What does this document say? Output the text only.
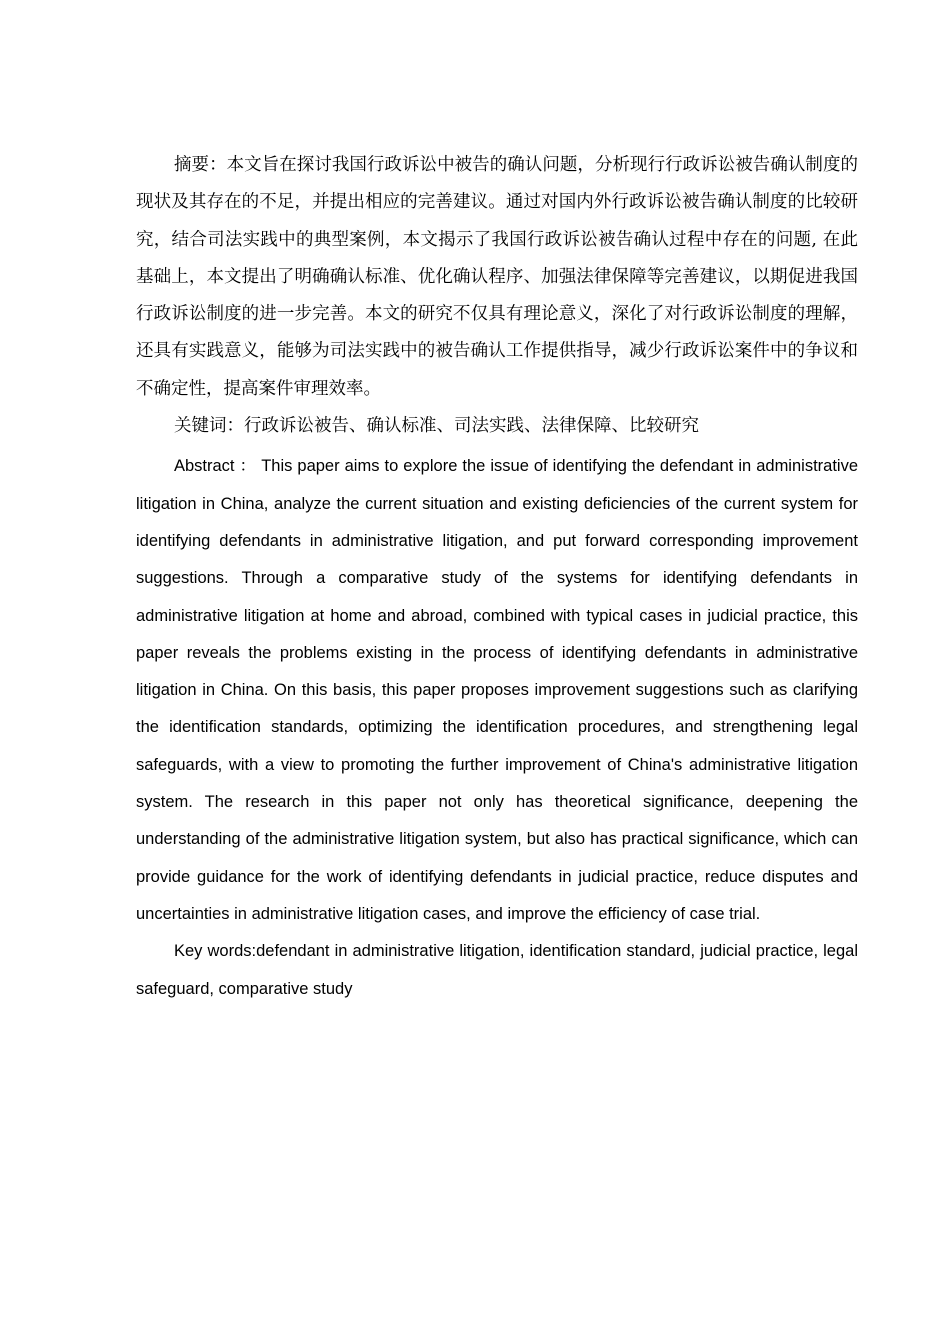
摘要：本文旨在探讨我国行政诉讼中被告的确认问题，分析现行行政诉讼被告确认制度的现状及其存在的不足，并提出相应的完善建议。通过对国内外行政诉讼被告确认制度的比较研究，结合司法实践中的典型案例，本文揭示了我国行政诉讼被告确认过程中存在的问题, 在此基础上，本文提出了明确确认标准、优化确认程序、加强法律保障等完善建议，以期促进我国行政诉讼制度的进一步完善。本文的研究不仅具有理论意义，深化了对行政诉讼制度的理解，还具有实践意义，能够为司法实践中的被告确认工作提供指导，减少行政诉讼案件中的争议和不确定性，提高案件审理效率。

关键词：行政诉讼被告、确认标准、司法实践、法律保障、比较研究

Abstract ： This paper aims to explore the issue of identifying the defendant in administrative litigation in China, analyze the current situation and existing deficiencies of the current system for identifying defendants in administrative litigation, and put forward corresponding improvement suggestions. Through a comparative study of the systems for identifying defendants in administrative litigation at home and abroad, combined with typical cases in judicial practice, this paper reveals the problems existing in the process of identifying defendants in administrative litigation in China. On this basis, this paper proposes improvement suggestions such as clarifying the identification standards, optimizing the identification procedures, and strengthening legal safeguards, with a view to promoting the further improvement of China's administrative litigation system. The research in this paper not only has theoretical significance, deepening the understanding of the administrative litigation system, but also has practical significance, which can provide guidance for the work of identifying defendants in judicial practice, reduce disputes and uncertainties in administrative litigation cases, and improve the efficiency of case trial.

Key words:defendant in administrative litigation, identification standard, judicial practice, legal safeguard, comparative study
